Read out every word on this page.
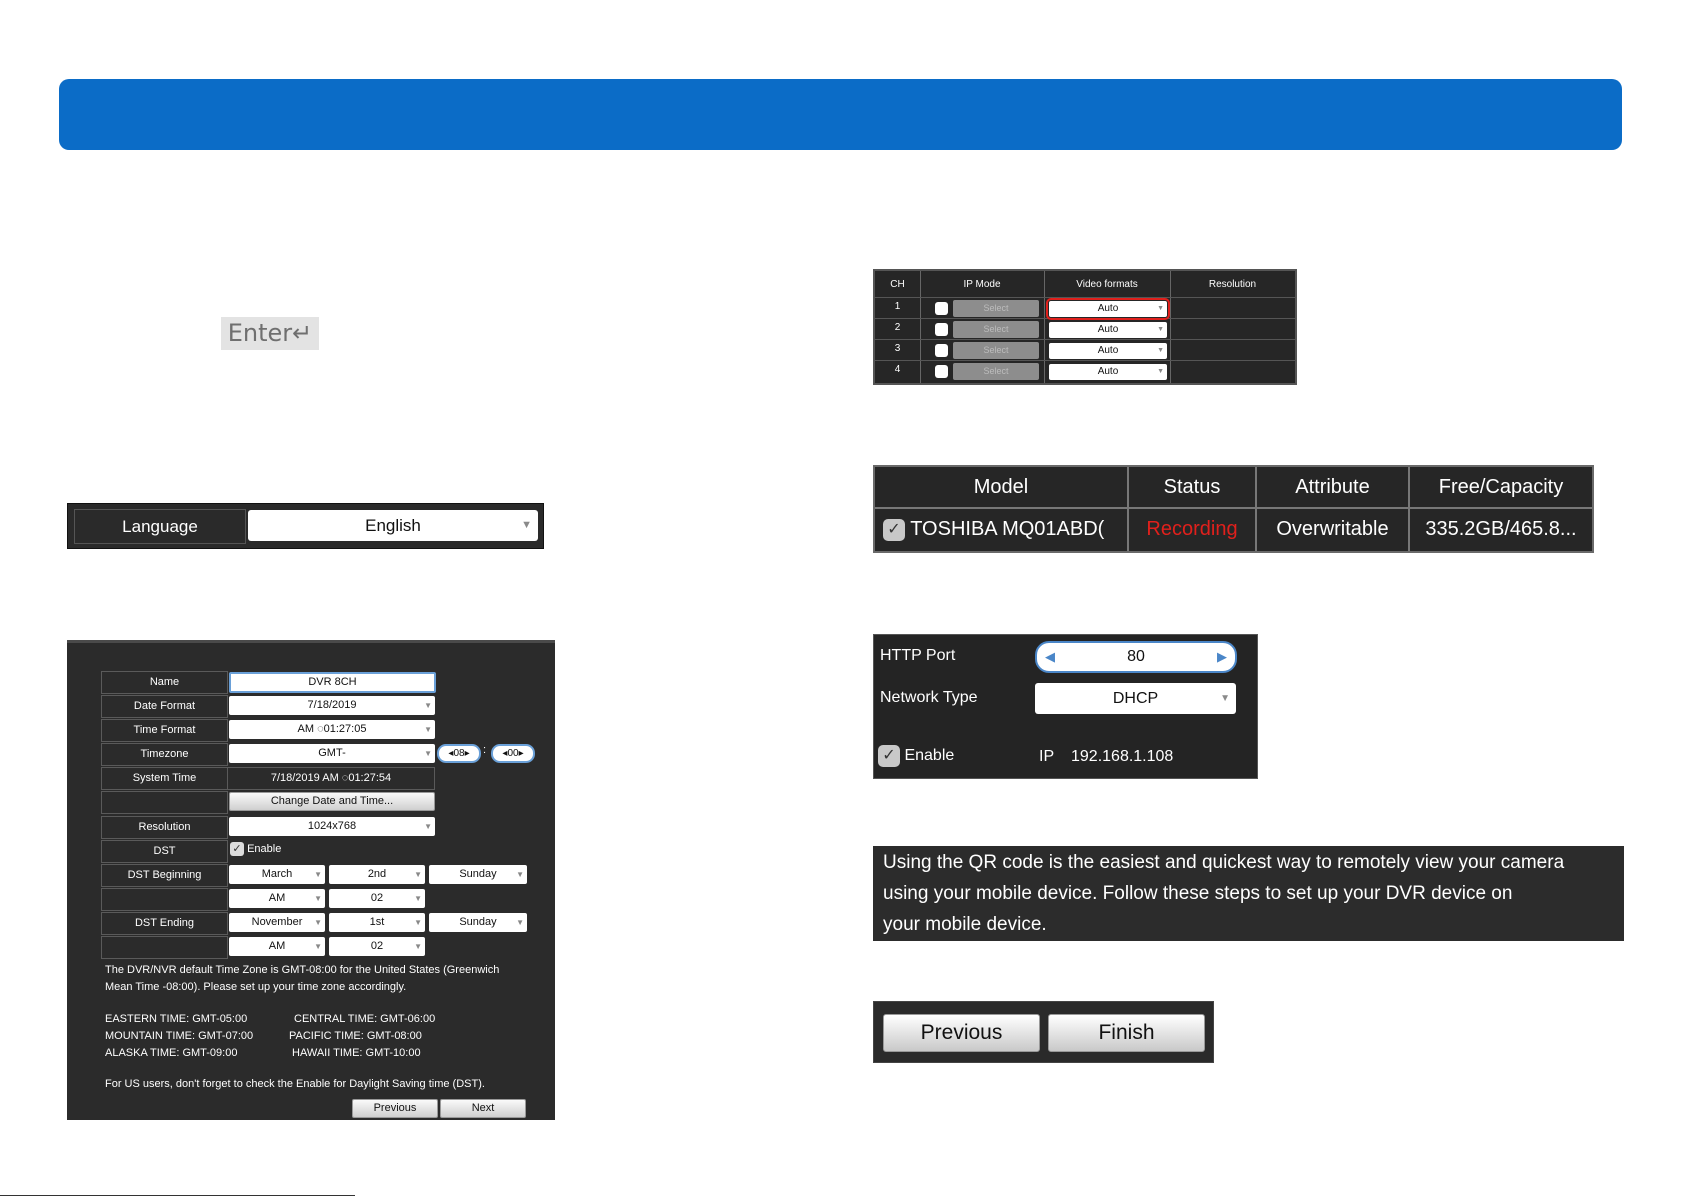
Enter↵
Language	English	▼
Name	DVR 8CH
Date Format	7/18/2019	▼
Time Format	AM ◌01:27:05	▼
Timezone	GMT-	▼	◂08▸	:	◂00▸
System Time	7/18/2019 AM ◌01:27:54
Change Date and Time...
Resolution	1024x768	▼
DST	✓ Enable
DST Beginning	March	▼	2nd	▼	Sunday ▼
AM	▼	02	▼
DST Ending	November ▼	1st	▼	Sunday ▼
AM	▼	02	▼
The DVR/NVR default Time Zone is GMT-08:00 for the United States (Greenwich
Mean Time -08:00). Please set up your time zone accordingly.
EASTERN TIME: GMT-05:00	CENTRAL TIME: GMT-06:00
MOUNTAIN TIME: GMT-07:00	PACIFIC TIME: GMT-08:00
ALASKA TIME: GMT-09:00	HAWAII TIME: GMT-10:00
For US users, don't forget to check the Enable for Daylight Saving time (DST).
Previous	Next
CH	IP Mode	Video formats	Resolution
1	Select	Auto	▼
2	Select	Auto	▼
3	Select	Auto	▼
4	Select	Auto	▼
Model	Status	Attribute	Free/Capacity
✓ TOSHIBA MQ01ABD(	Recording	Overwritable	335.2GB/465.8...
HTTP Port	◀	80	▶
Network Type	DHCP	▼
✓ Enable	IP 192.168.1.108
Using the QR code is the easiest and quickest way to remotely view your camera
using your mobile device. Follow these steps to set up your DVR device on
your mobile device.
Previous	Finish
